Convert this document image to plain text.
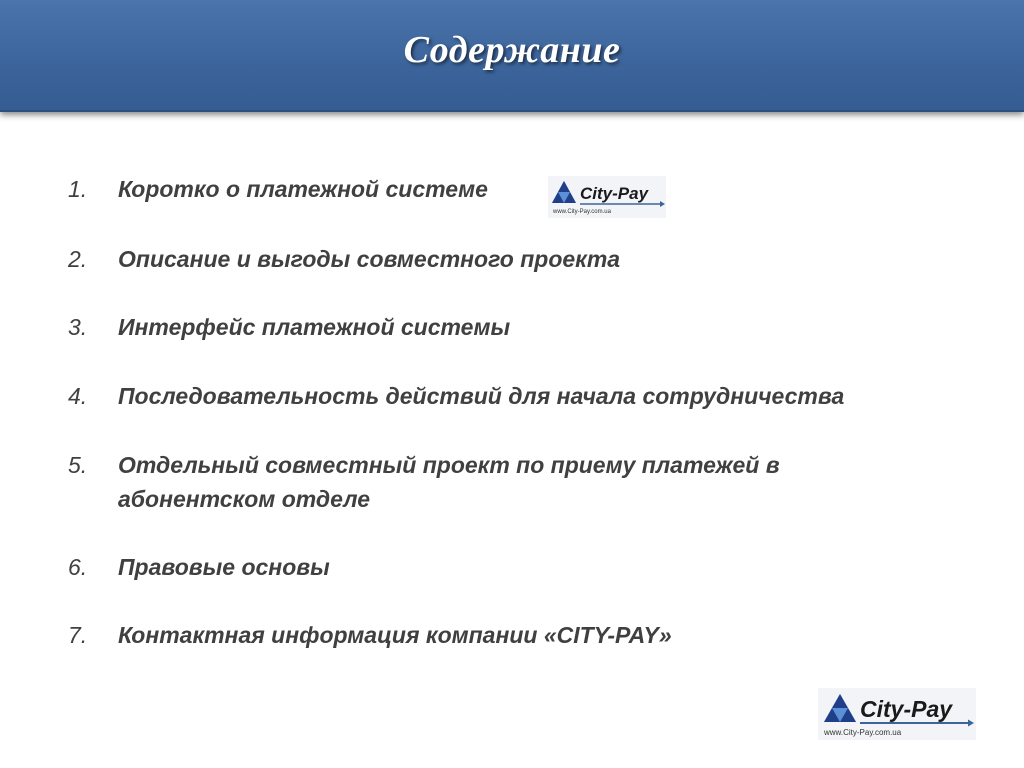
Содержание
1.	Коротко о платежной системе
2.	Описание и выгоды совместного проекта
3.	Интерфейс платежной системы
4.	Последовательность действий для начала сотрудничества
5.	Отдельный совместный проект по приему платежей в абонентском отделе
6.	Правовые основы
7.	Контактная информация компании «CITY-PAY»
City-Pay
www.City-Pay.com.ua
City-Pay
www.City-Pay.com.ua
